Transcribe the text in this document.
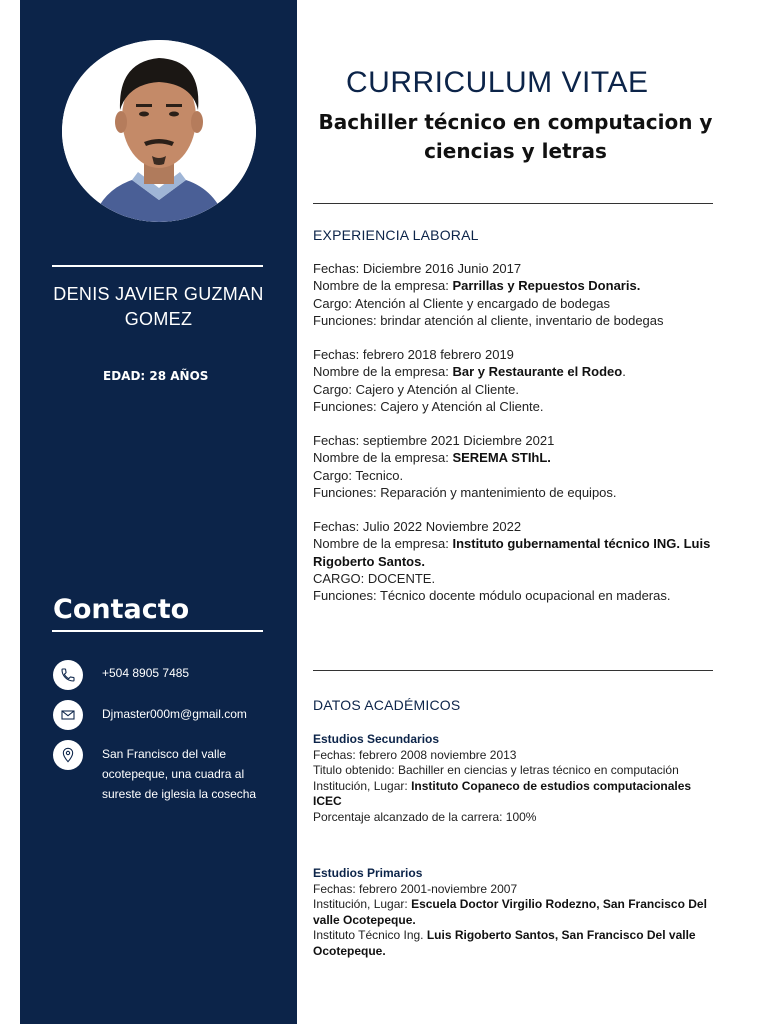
DENIS JAVIER GUZMAN GOMEZ
EDAD: 28 AÑOS
Contacto
+504 8905 7485
Djmaster000m@gmail.com
San Francisco del valle ocotepeque, una cuadra al sureste de iglesia la cosecha
CURRICULUM VITAE
Bachiller técnico en computacion y ciencias y letras
EXPERIENCIA LABORAL
Fechas: Diciembre 2016 Junio 2017
Nombre de la empresa: Parrillas y Repuestos Donaris.
Cargo: Atención al Cliente y encargado de bodegas
Funciones: brindar atención al cliente, inventario de bodegas
Fechas: febrero 2018 febrero 2019
Nombre de la empresa: Bar y Restaurante el Rodeo.
Cargo: Cajero y Atención al Cliente.
Funciones: Cajero y Atención al Cliente.
Fechas: septiembre 2021 Diciembre 2021
Nombre de la empresa: SEREMA STIhL.
Cargo: Tecnico.
Funciones: Reparación y mantenimiento de equipos.
Fechas: Julio 2022 Noviembre 2022
Nombre de la empresa: Instituto gubernamental técnico ING. Luis Rigoberto Santos.
CARGO: DOCENTE.
Funciones: Técnico docente módulo ocupacional en maderas.
DATOS ACADÉMICOS
Estudios Secundarios
Fechas: febrero 2008 noviembre 2013
Titulo obtenido: Bachiller en ciencias y letras técnico en computación
Institución, Lugar: Instituto Copaneco de estudios computacionales ICEC
Porcentaje alcanzado de la carrera: 100%
Estudios Primarios
Fechas: febrero 2001-noviembre 2007
Institución, Lugar: Escuela Doctor Virgilio Rodezno, San Francisco Del valle Ocotepeque.
Instituto Técnico Ing. Luis Rigoberto Santos, San Francisco Del valle Ocotepeque.
